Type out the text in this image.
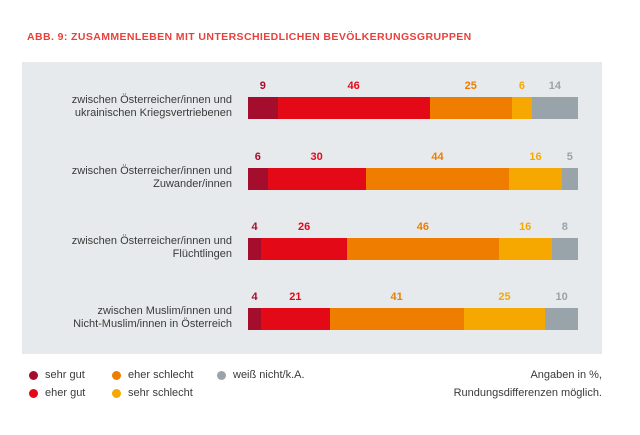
ABB. 9: ZUSAMMENLEBEN MIT UNTERSCHIEDLICHEN BEVÖLKERUNGSGRUPPEN
zwischen Österreicher/innen und
ukrainischen Kriegsvertriebenen
9	46	25	6	14
zwischen Österreicher/innen und
Zuwander/innen
6	30	44	16	5
zwischen Österreicher/innen und
Flüchtlingen
4	26	46	16	8
zwischen Muslim/innen und
Nicht-Muslim/innen in Österreich
4	21	41	25	10
sehr gut
eher gut
eher schlecht
sehr schlecht
weiß nicht/k.A.	Angaben in %,
Rundungsdifferenzen möglich.
